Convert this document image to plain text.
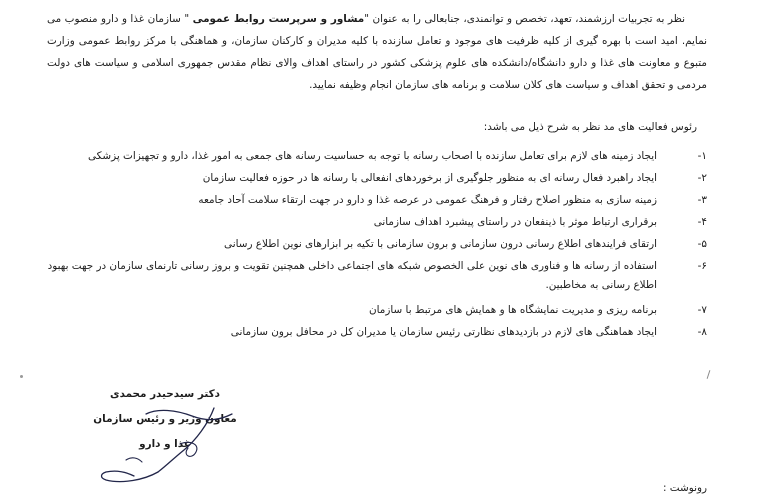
نظر به تجربیات ارزشمند، تعهد، تخصص و توانمندی، جنابعالی را به عنوان "مشاور و سرپرست روابط عمومی " سازمان غذا و دارو منصوب می نمایم. امید است با بهره گیری از کلیه ظرفیت های موجود و تعامل سازنده با کلیه مدیران و کارکنان سازمان، و هماهنگی با مرکز روابط عمومی وزارت متبوع و معاونت های غذا و دارو دانشگاه/دانشکده های علوم پزشکی کشور در راستای اهداف والای نظام مقدس جمهوری اسلامی و سیاست های دولت مردمی و تحقق اهداف و سیاست های کلان سلامت و برنامه های سازمان انجام وظیفه نمایید.

رئوس فعالیت های مد نظر به شرح ذیل می باشد:

۱-
ایجاد زمینه های لازم برای تعامل سازنده با اصحاب رسانه با توجه به حساسیت رسانه های جمعی به امور غذا، دارو و تجهیزات پزشکی
۲-
ایجاد راهبرد فعال رسانه ای به منظور جلوگیری از برخوردهای انفعالی با رسانه ها در حوزه فعالیت سازمان
۳-
زمینه سازی به منظور اصلاح رفتار و فرهنگ عمومی در عرصه غذا و دارو در جهت ارتقاء سلامت آحاد جامعه
۴-
برقراری ارتباط موثر با ذینفعان در راستای پیشبرد اهداف سازمانی
۵-
ارتقای فرایندهای اطلاع رسانی درون سازمانی و برون سازمانی با تکیه بر ابزارهای نوین اطلاع رسانی
۶-
استفاده از رسانه ها و فناوری های نوین علی الخصوص شبکه های اجتماعی داخلی همچنین تقویت و بروز رسانی تارنمای سازمان در جهت بهبود اطلاع رسانی به مخاطبین.
۷-
برنامه ریزی و مدیریت نمایشگاه ها و همایش های مرتبط با سازمان
۸-
ایجاد هماهنگی های لازم در بازدیدهای نظارتی رئیس سازمان یا مدیران کل در محافل برون سازمانی
دکتر سیدحیدر محمدی
معاون وزیر و رئیس سازمان غذا و دارو
رونوشت :
